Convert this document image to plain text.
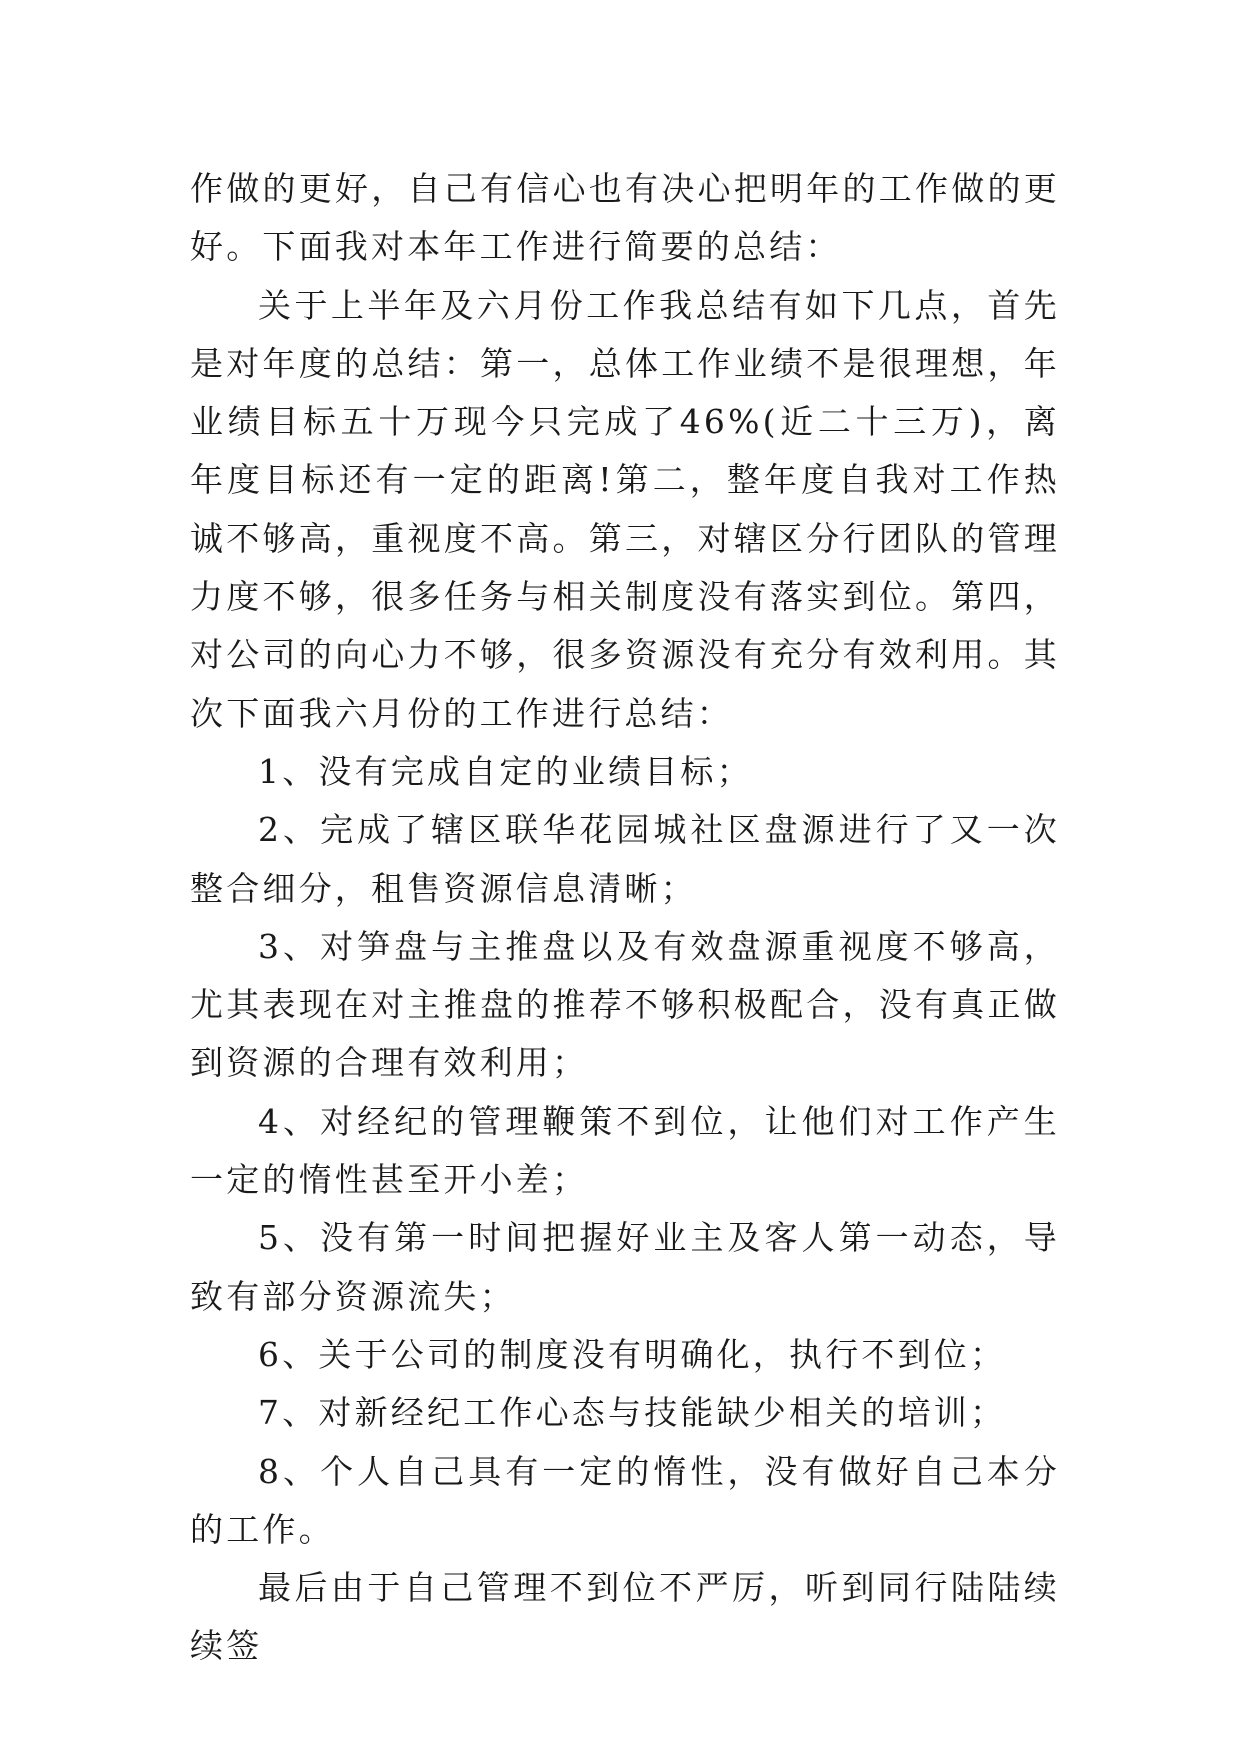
作做的更好，自己有信心也有决心把明年的工作做的更好。下面我对本年工作进行简要的总结：

关于上半年及六月份工作我总结有如下几点，首先是对年度的总结：第一，总体工作业绩不是很理想，年业绩目标五十万现今只完成了46%(近二十三万)，离年度目标还有一定的距离!第二，整年度自我对工作热诚不够高，重视度不高。第三，对辖区分行团队的管理力度不够，很多任务与相关制度没有落实到位。第四，对公司的向心力不够，很多资源没有充分有效利用。其次下面我六月份的工作进行总结：

1、没有完成自定的业绩目标；

2、完成了辖区联华花园城社区盘源进行了又一次整合细分，租售资源信息清晰；

3、对笋盘与主推盘以及有效盘源重视度不够高，尤其表现在对主推盘的推荐不够积极配合，没有真正做到资源的合理有效利用；

4、对经纪的管理鞭策不到位，让他们对工作产生一定的惰性甚至开小差；

5、没有第一时间把握好业主及客人第一动态，导致有部分资源流失；

6、关于公司的制度没有明确化，执行不到位；

7、对新经纪工作心态与技能缺少相关的培训；

8、个人自己具有一定的惰性，没有做好自己本分的工作。

最后由于自己管理不到位不严厉，听到同行陆陆续续签
